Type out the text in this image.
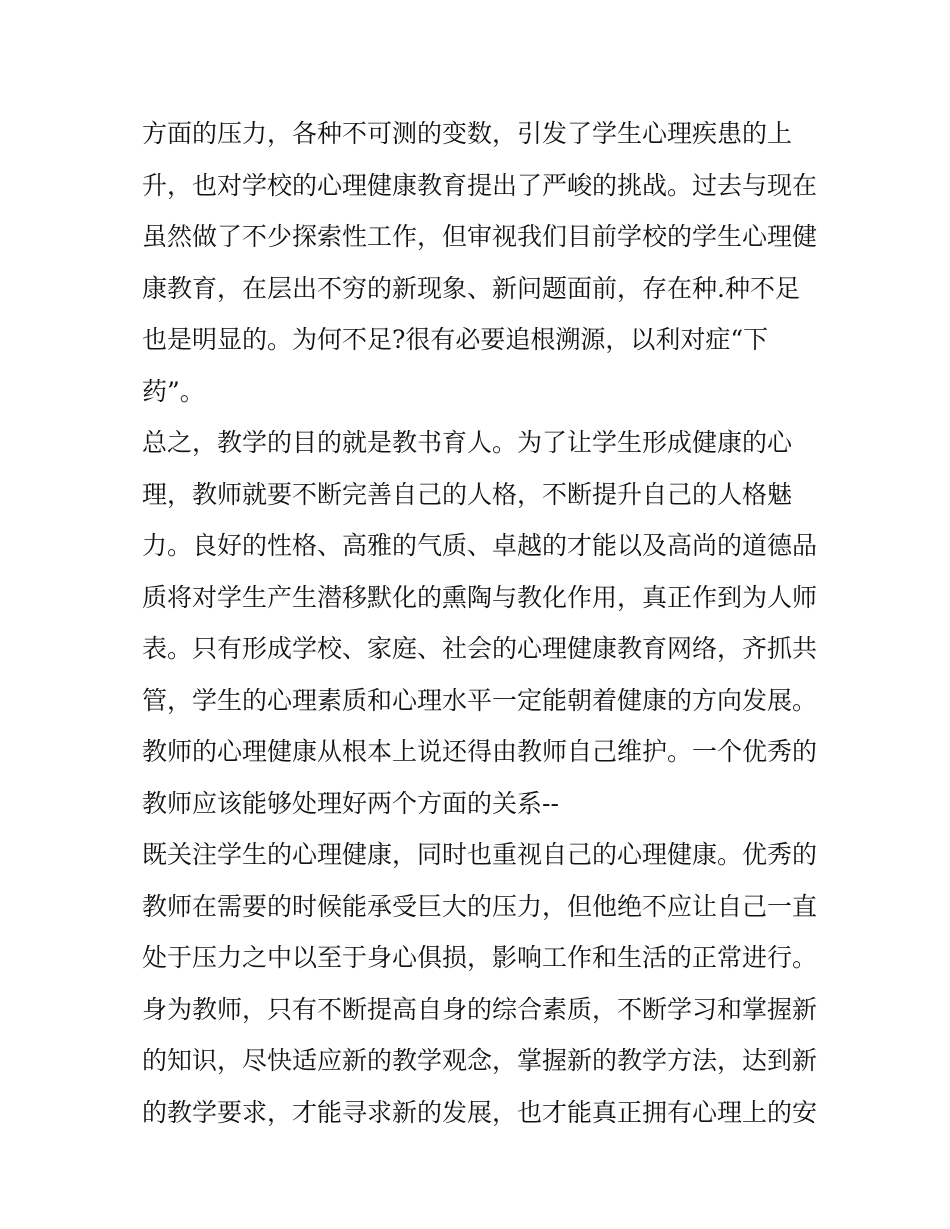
方面的压力，各种不可测的变数，引发了学生心理疾患的上
升，也对学校的心理健康教育提出了严峻的挑战。过去与现在
虽然做了不少探索性工作，但审视我们目前学校的学生心理健
康教育，在层出不穷的新现象、新问题面前，存在种.种不足
也是明显的。为何不足?很有必要追根溯源，以利对症“下
药”。
总之，教学的目的就是教书育人。为了让学生形成健康的心
理，教师就要不断完善自己的人格，不断提升自己的人格魅
力。良好的性格、高雅的气质、卓越的才能以及高尚的道德品
质将对学生产生潜移默化的熏陶与教化作用，真正作到为人师
表。只有形成学校、家庭、社会的心理健康教育网络，齐抓共
管，学生的心理素质和心理水平一定能朝着健康的方向发展。
教师的心理健康从根本上说还得由教师自己维护。一个优秀的
教师应该能够处理好两个方面的关系--
既关注学生的心理健康，同时也重视自己的心理健康。优秀的
教师在需要的时候能承受巨大的压力，但他绝不应让自己一直
处于压力之中以至于身心俱损，影响工作和生活的正常进行。
身为教师，只有不断提高自身的综合素质，不断学习和掌握新
的知识，尽快适应新的教学观念，掌握新的教学方法，达到新
的教学要求，才能寻求新的发展，也才能真正拥有心理上的安
